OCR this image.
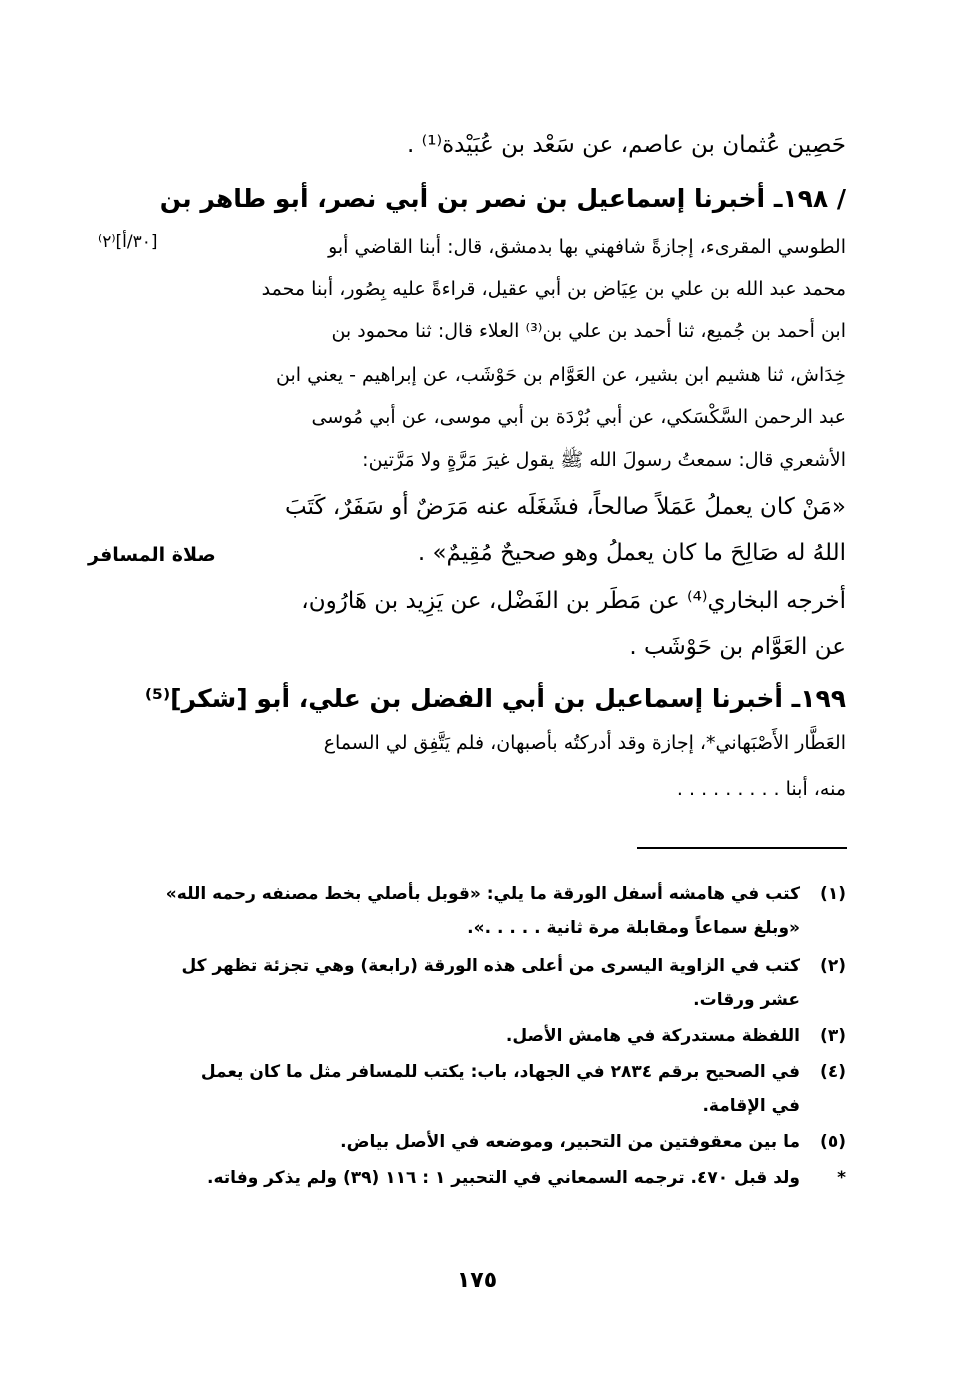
حَصِين عُثمان بن عاصم، عن سَعْد بن عُبَيْدة⁽¹⁾ .
/ ١٩٨ـ أخبرنا إسماعيل بن نصر بن أبي نصر، أبو طاهر بن
الطوسي المقرىء، إجازةً شافهني بها بدمشق، قال: أبنا القاضي أبو
محمد عبد الله بن علي بن عِيَاض بن أبي عقيل، قراءةً عليه بِصُور، أبنا محمد
ابن أحمد بن جُميع، ثنا أحمد بن علي بن⁽³⁾ العلاء قال: ثنا محمود بن
خِدَاش، ثنا هشيم ابن بشير، عن العَوَّام بن حَوْشَب، عن إبراهيم - يعني ابن
عبد الرحمن السَّكْسَكي، عن أبي بُرْدَة بن أبي موسى، عن أبي مُوسى
الأشعري قال: سمعتُ رسولَ الله ﷺ يقول غيرَ مَرَّةٍ ولا مَرَّتين:
«مَنْ كان يعملُ عَمَلاً صالحاً، فشَغَلَه عنه مَرَضٌ أو سَفَرٌ، كَتَبَ
اللهُ له صَالِحَ ما كان يعملُ وهو صحيحٌ مُقِيمٌ» .
أخرجه البخاري⁽⁴⁾ عن مَطَر بن الفَضْل، عن يَزِيد بن هَارُون،
عن العَوَّام بن حَوْشَب .
١٩٩ـ أخبرنا إسماعيل بن أبي الفضل بن علي، أبو [شكر]⁽⁵⁾
العَطَّار الأَصْبَهاني*، إجازة وقد أدركتُه بأصبهان، فلم يَتَّفِق لي السماع
منه، أبنا . . . . . . . . .
[٣٠/أ]⁽٢⁾
صلاة المسافر
(١)
كتب في هامشه أسفل الورقة ما يلي: «قوبل بأصلي بخط مصنفه رحمه الله»
«وبلغ سماعاً ومقابلة مرة ثانية . . . . .».
(٢)
كتب في الزاوية اليسرى من أعلى هذه الورقة (رابعة) وهي تجزئة تظهر كل
عشر ورقات.
(٣)
اللفظة مستدركة في هامش الأصل.
(٤)
في الصحيح برقم ٢٨٣٤ في الجهاد، باب: يكتب للمسافر مثل ما كان يعمل
في الإقامة.
(٥)
ما بين معقوفتين من التحبير، وموضعه في الأصل بياض.
*
ولد قبل ٤٧٠. ترجمه السمعاني في التحبير ١ : ١١٦ (٣٩) ولم يذكر وفاته.
١٧٥
